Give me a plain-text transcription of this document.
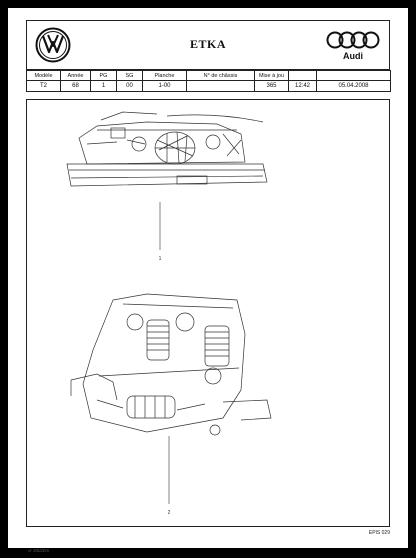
ETKA
Audi
Modèle	Année	PG	SG	Planche	N° de châssis	Mise à jou		
T2	68	1	00	1-00		365	12:42	05.04.2008
1
2
EPIS 029
vr 3dd2bm
